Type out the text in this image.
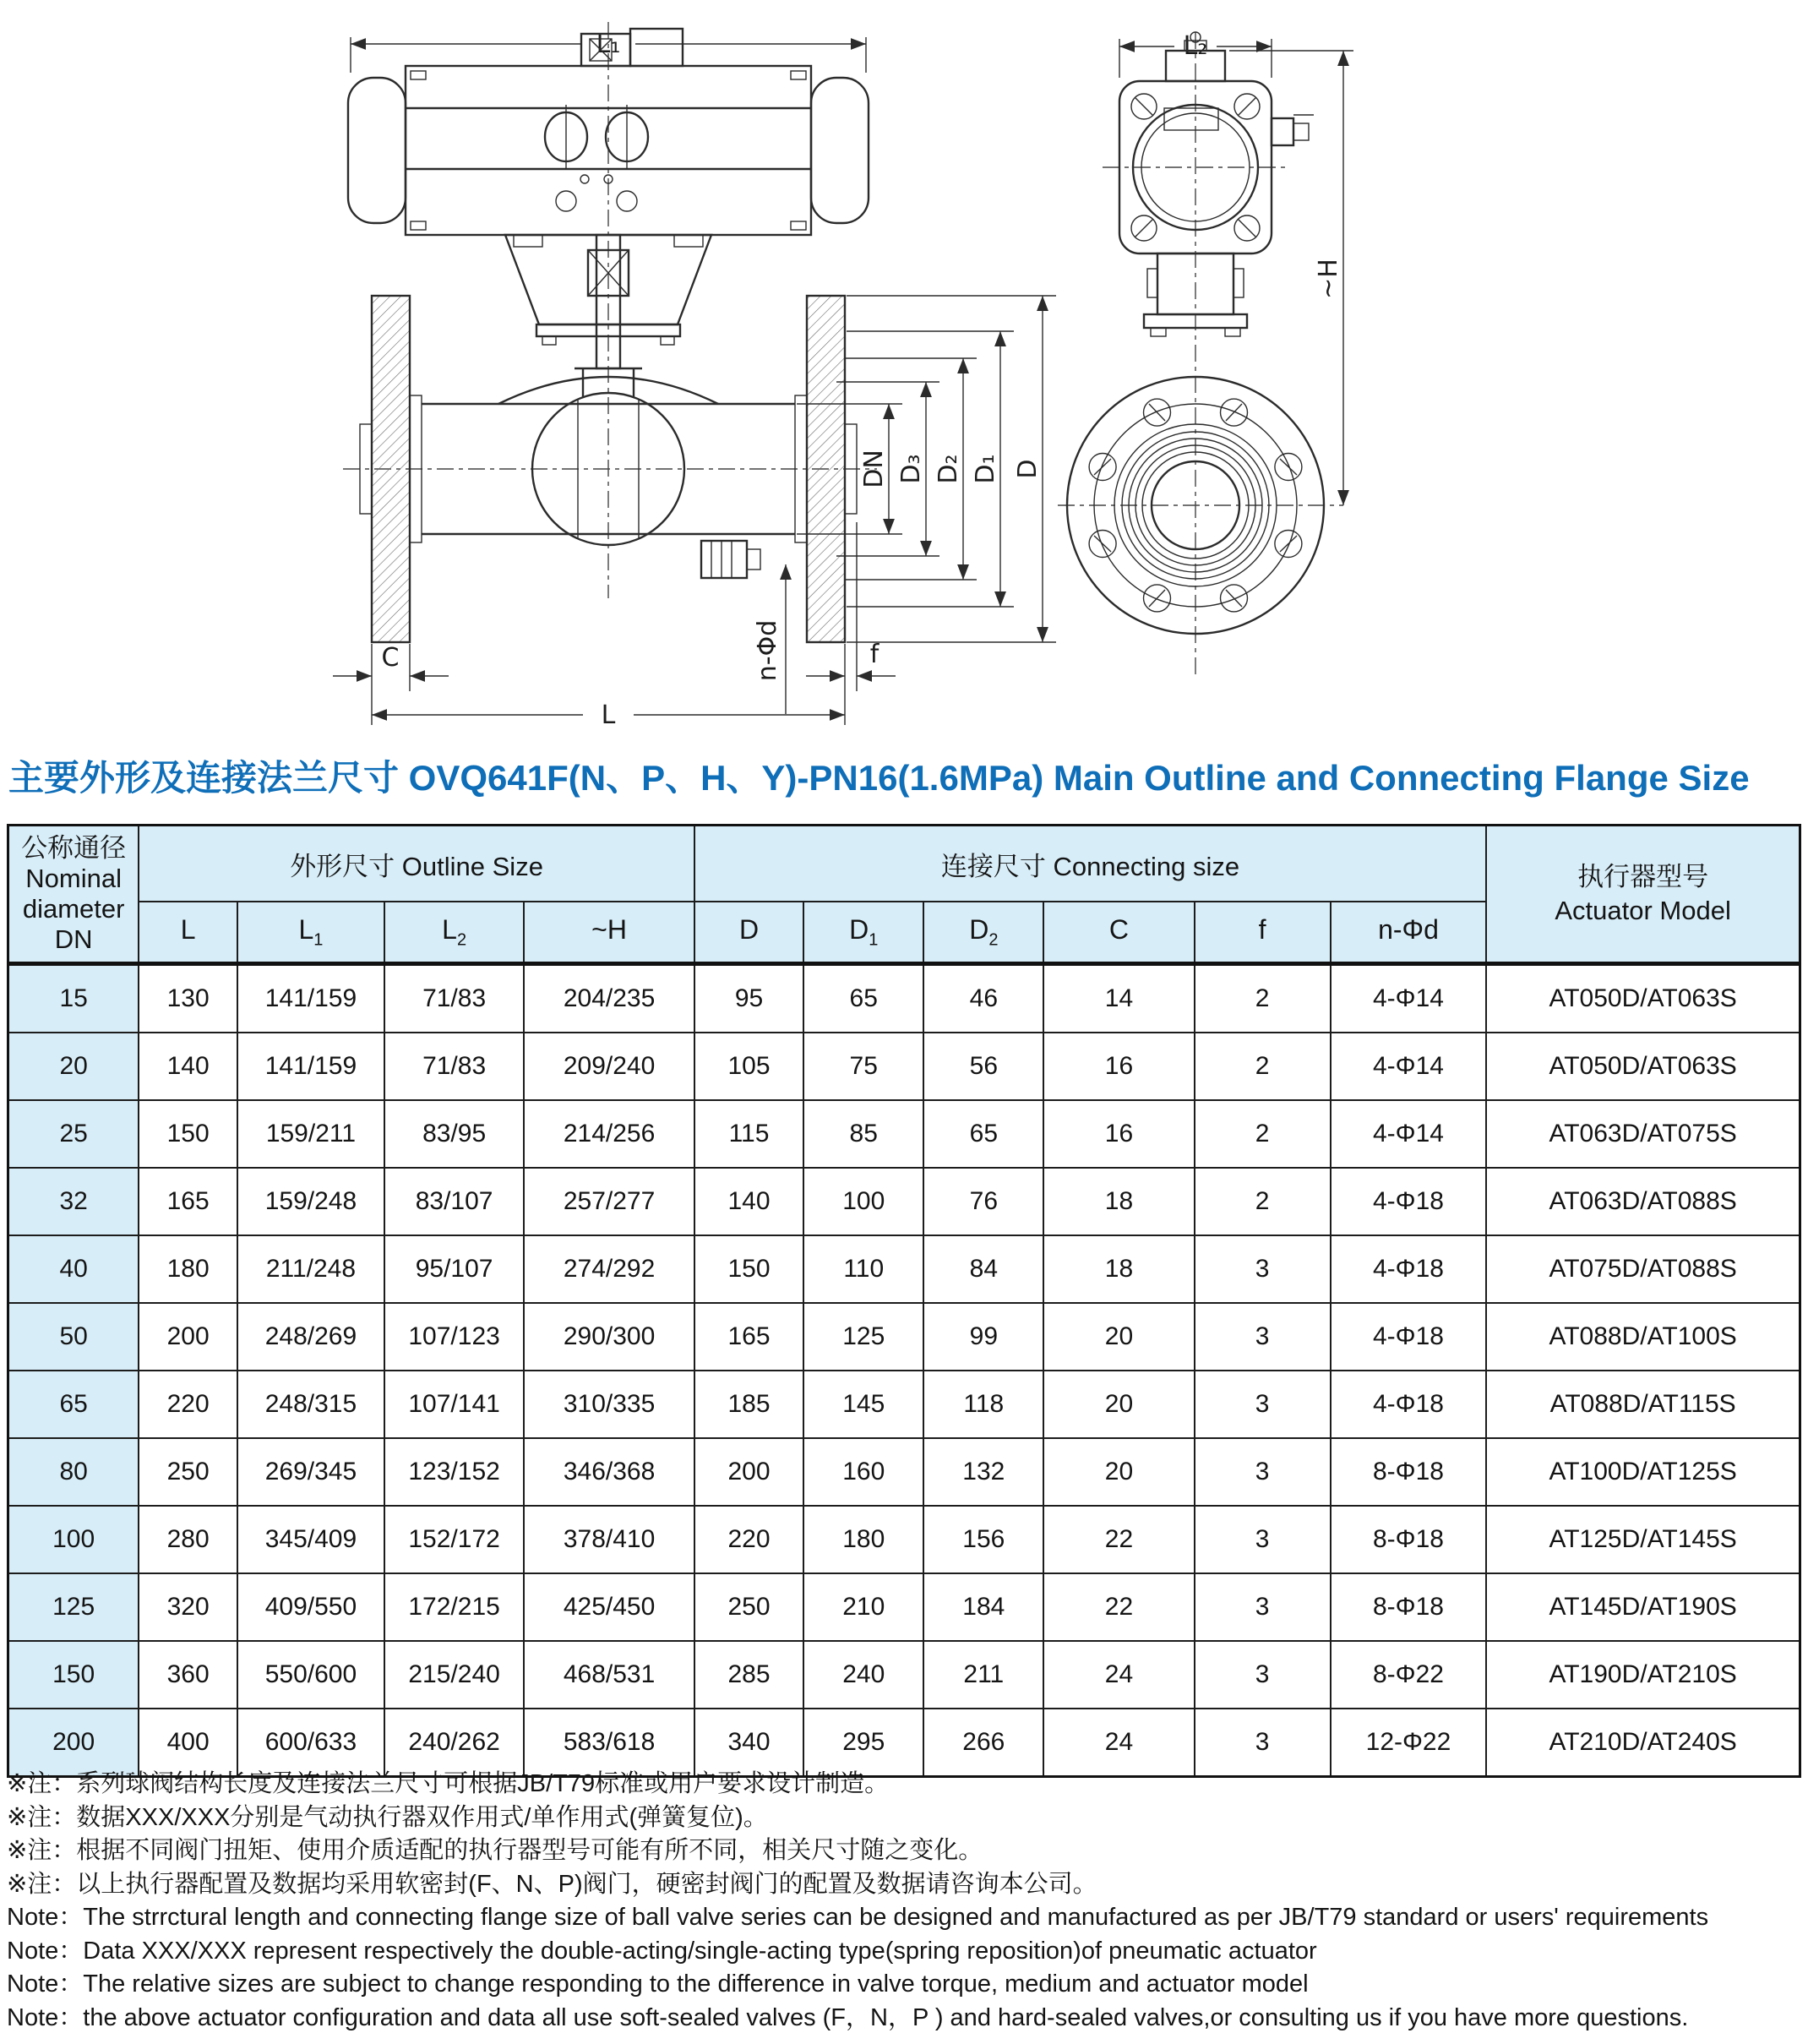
L₁
DN D₃ D₂ D₁ D
C	f
n-Φd
L
L₂
~H
主要外形及连接法兰尺寸 OVQ641F(N、P、H、Y)-PN16(1.6MPa) Main Outline and Connecting Flange Size
公称通径
Nominal
diameter
DN	外形尺寸 Outline Size				连接尺寸 Connecting size						执行器型号
Actuator Model
	L	$L_1$	$L_2$	~H	D	$D_1$	$D_2$	C	f	n-Φd	
15	130	141/159	71/83	204/235	95	65	46	14	2	4-Φ14	AT050D/AT063S
20	140	141/159	71/83	209/240	105	75	56	16	2	4-Φ14	AT050D/AT063S
25	150	159/211	83/95	214/256	115	85	65	16	2	4-Φ14	AT063D/AT075S
32	165	159/248	83/107	257/277	140	100	76	18	2	4-Φ18	AT063D/AT088S
40	180	211/248	95/107	274/292	150	110	84	18	3	4-Φ18	AT075D/AT088S
50	200	248/269	107/123	290/300	165	125	99	20	3	4-Φ18	AT088D/AT100S
65	220	248/315	107/141	310/335	185	145	118	20	3	4-Φ18	AT088D/AT115S
80	250	269/345	123/152	346/368	200	160	132	20	3	8-Φ18	AT100D/AT125S
100	280	345/409	152/172	378/410	220	180	156	22	3	8-Φ18	AT125D/AT145S
125	320	409/550	172/215	425/450	250	210	184	22	3	8-Φ18	AT145D/AT190S
150	360	550/600	215/240	468/531	285	240	211	24	3	8-Φ22	AT190D/AT210S
200	400	600/633	240/262	583/618	340	295	266	24	3	12-Φ22	AT210D/AT240S
※注：系列球阀结构长度及连接法兰尺寸可根据JB/T79标准或用户要求设计制造。
※注：数据XXX/XXX分别是气动执行器双作用式/单作用式(弹簧复位)。
※注：根据不同阀门扭矩、使用介质适配的执行器型号可能有所不同，相关尺寸随之变化。
※注：以上执行器配置及数据均采用软密封(F、N、P)阀门，硬密封阀门的配置及数据请咨询本公司。
Note：The strrctural length and connecting flange size of ball valve series can be designed and manufactured as per JB/T79 standard or users' requirements
Note：Data XXX/XXX represent respectively the double-acting/single-acting type(spring reposition)of pneumatic actuator
Note：The relative sizes are subject to change responding to the difference in valve torque, medium and actuator model
Note：the above actuator configuration and data all use soft-sealed valves (F，N，P ) and hard-sealed valves,or consulting us if you have more questions.
